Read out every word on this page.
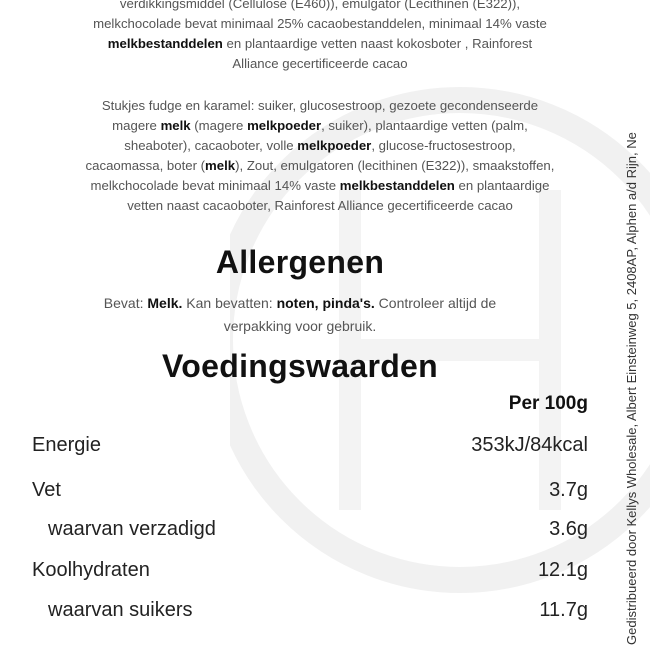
verdikkingsmiddel (Cellulose (E460)), emulgator (Lecithinen (E322)),
melkchocolade bevat minimaal 25% cacaobestanddelen, minimaal 14% vaste
melkbestanddelen en plantaardige vetten naast kokosboter , Rainforest
Alliance gecertificeerde cacao
Stukjes fudge en karamel: suiker, glucosestroop, gezoete gecondenseerde
magere melk (magere melkpoeder, suiker), plantaardige vetten (palm,
sheaboter), cacaoboter, volle melkpoeder, glucose-fructosestroop,
cacaomassa, boter (melk), Zout, emulgatoren (lecithinen (E322)), smaakstoffen,
melkchocolade bevat minimaal 14% vaste melkbestanddelen en plantaardige
vetten naast cacaoboter, Rainforest Alliance gecertificeerde cacao
Allergenen
Bevat: Melk. Kan bevatten: noten, pinda's. Controleer altijd de
verpakking voor gebruik.
Voedingswaarden
Per 100g
Energie	353kJ/84kcal
Vet	3.7g
waarvan verzadigd	3.6g
Koolhydraten	12.1g
waarvan suikers	11.7g	Gedistribueerd door Kellys Wholesale, Albert Einsteinweg 5, 2408AP, Alphen a/d Rijn, Ne
